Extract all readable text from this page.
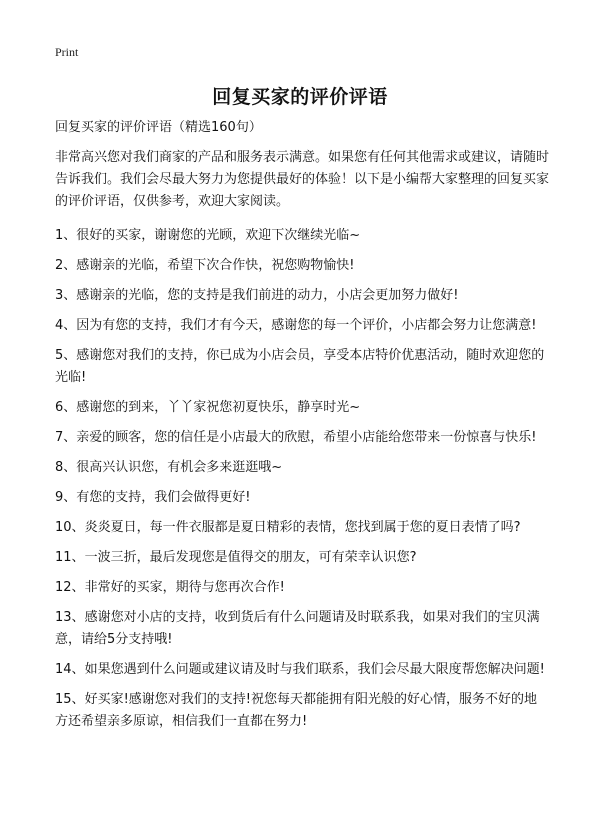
Print
回复买家的评价评语

回复买家的评价评语（精选160句）

非常高兴您对我们商家的产品和服务表示满意。如果您有任何其他需求或建议，请随时告诉我们。我们会尽最大努力为您提供最好的体验！以下是小编帮大家整理的回复买家的评价评语，仅供参考，欢迎大家阅读。

1 、 很好的买家，谢谢您的光顾，欢迎下次继续光临~

2 、 感谢亲的光临，希望下次合作快，祝您购物愉快!

3 、 感谢亲的光临，您的支持是我们前进的动力，小店会更加努力做好!

4 、 因为有您的支持，我们才有今天，感谢您的每一个评价，小店都会努力让您满意!

5 、 感谢您对我们的支持，你已成为小店会员，享受本店特价优惠活动，随时欢迎您的光临!

6 、 感谢您的到来，丫丫家祝您初夏快乐，静享时光~

7 、 亲爱的顾客，您的信任是小店最大的欣慰，希望小店能给您带来一份惊喜与快乐!

8 、 很高兴认识您，有机会多来逛逛哦~

9 、 有您的支持，我们会做得更好!

10 、 炎炎夏日，每一件衣服都是夏日精彩的表情，您找到属于您的夏日表情了吗?

11 、 一波三折，最后发现您是值得交的朋友，可有荣幸认识您?

12 、 非常好的买家，期待与您再次合作!

13 、 感谢您对小店的支持，收到货后有什么问题请及时联系我，如果对我们的宝贝满意，请给5分支持哦!

14 、 如果您遇到什么问题或建议请及时与我们联系，我们会尽最大限度帮您解决问题!

15 、 好买家!感谢您对我们的支持!祝您每天都能拥有阳光般的好心情，服务不好的地方还希望亲多原谅，相信我们一直都在努力!
